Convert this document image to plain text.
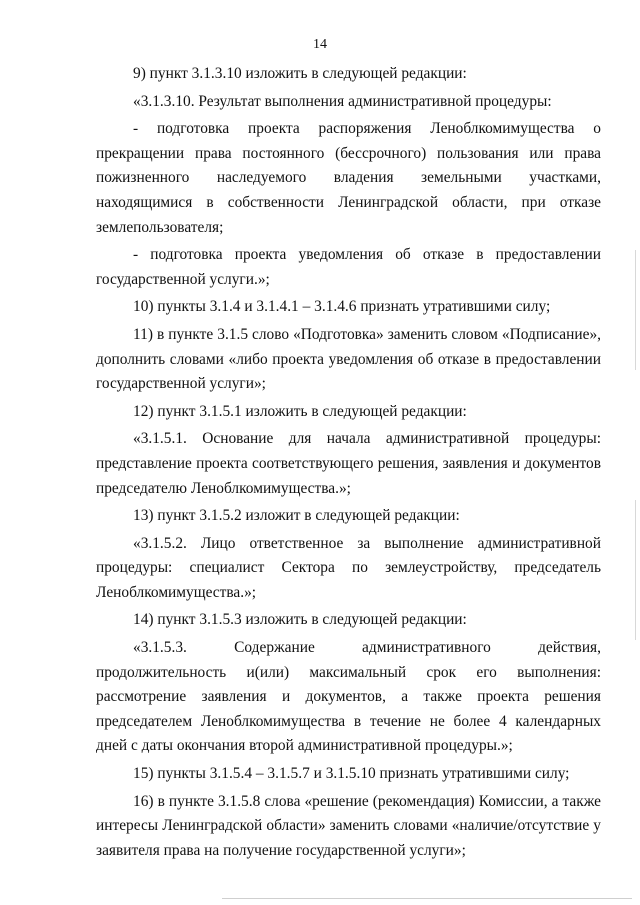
14

9) пункт 3.1.3.10 изложить в следующей редакции:

«3.1.3.10. Результат выполнения административной процедуры:

- подготовка проекта распоряжения Леноблкомимущества о прекращении права постоянного (бессрочного) пользования или права пожизненного наследуемого владения земельными участками, находящимися в собственности Ленинградской области, при отказе землепользователя;

- подготовка проекта уведомления об отказе в предоставлении государственной услуги.»;

10) пункты 3.1.4 и 3.1.4.1 – 3.1.4.6 признать утратившими силу;

11) в пункте 3.1.5 слово «Подготовка» заменить словом «Подписание», дополнить словами «либо проекта уведомления об отказе в предоставлении государственной услуги»;

12) пункт 3.1.5.1 изложить в следующей редакции:

«3.1.5.1. Основание для начала административной процедуры: представление проекта соответствующего решения, заявления и документов председателю Леноблкомимущества.»;

13) пункт 3.1.5.2 изложит в следующей редакции:

«3.1.5.2. Лицо ответственное за выполнение административной процедуры: специалист Сектора по землеустройству, председатель Леноблкомимущества.»;

14) пункт 3.1.5.3 изложить в следующей редакции:

«3.1.5.3. Содержание административного действия, продолжительность и(или) максимальный срок его выполнения: рассмотрение заявления и документов, а также проекта решения председателем Леноблкомимущества в течение не более 4 календарных дней с даты окончания второй административной процедуры.»;

15) пункты 3.1.5.4 – 3.1.5.7 и 3.1.5.10 признать утратившими силу;

16) в пункте 3.1.5.8 слова «решение (рекомендация) Комиссии, а также интересы Ленинградской области» заменить словами «наличие/отсутствие у заявителя права на получение государственной услуги»;
